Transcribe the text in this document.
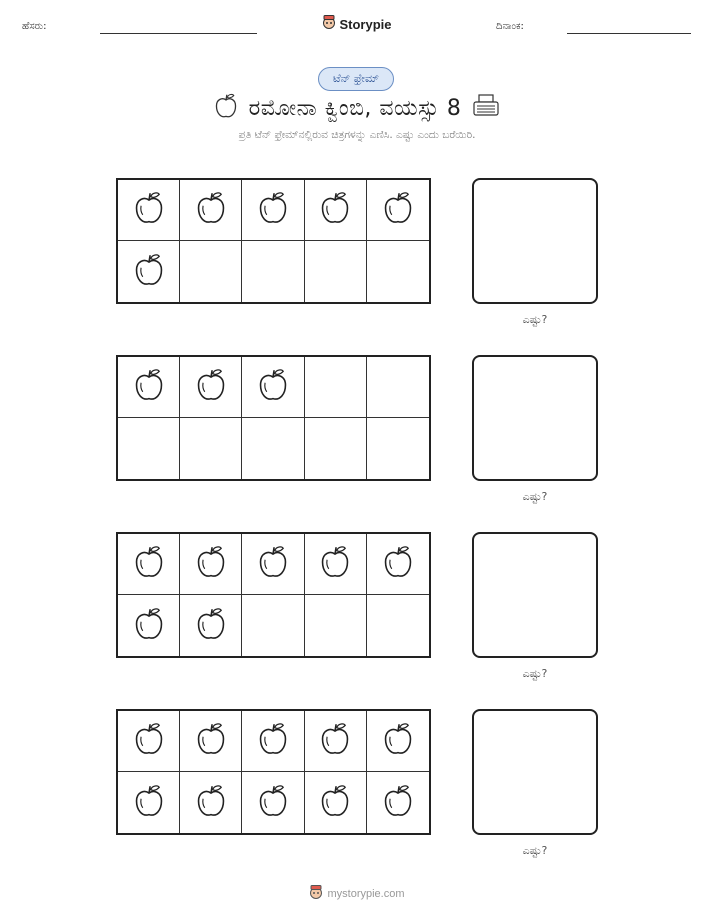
ಹೆಸರು:	Storypie	ದಿನಾಂಕ:
ಟೆನ್ ಫ್ರೇಮ್
ರಮೋನಾ ಕ್ವಿಂಬಿ, ವಯಸ್ಸು 8
ಪ್ರತಿ ಟೆನ್ ಫ್ರೇಮ್‌ನಲ್ಲಿರುವ ಚಿತ್ರಗಳನ್ನು ಎಣಿಸಿ. ಎಷ್ಟು ಎಂದು ಬರೆಯಿರಿ.
ಎಷ್ಟು?
ಎಷ್ಟು?
ಎಷ್ಟು?
ಎಷ್ಟು?
mystorypie.com
